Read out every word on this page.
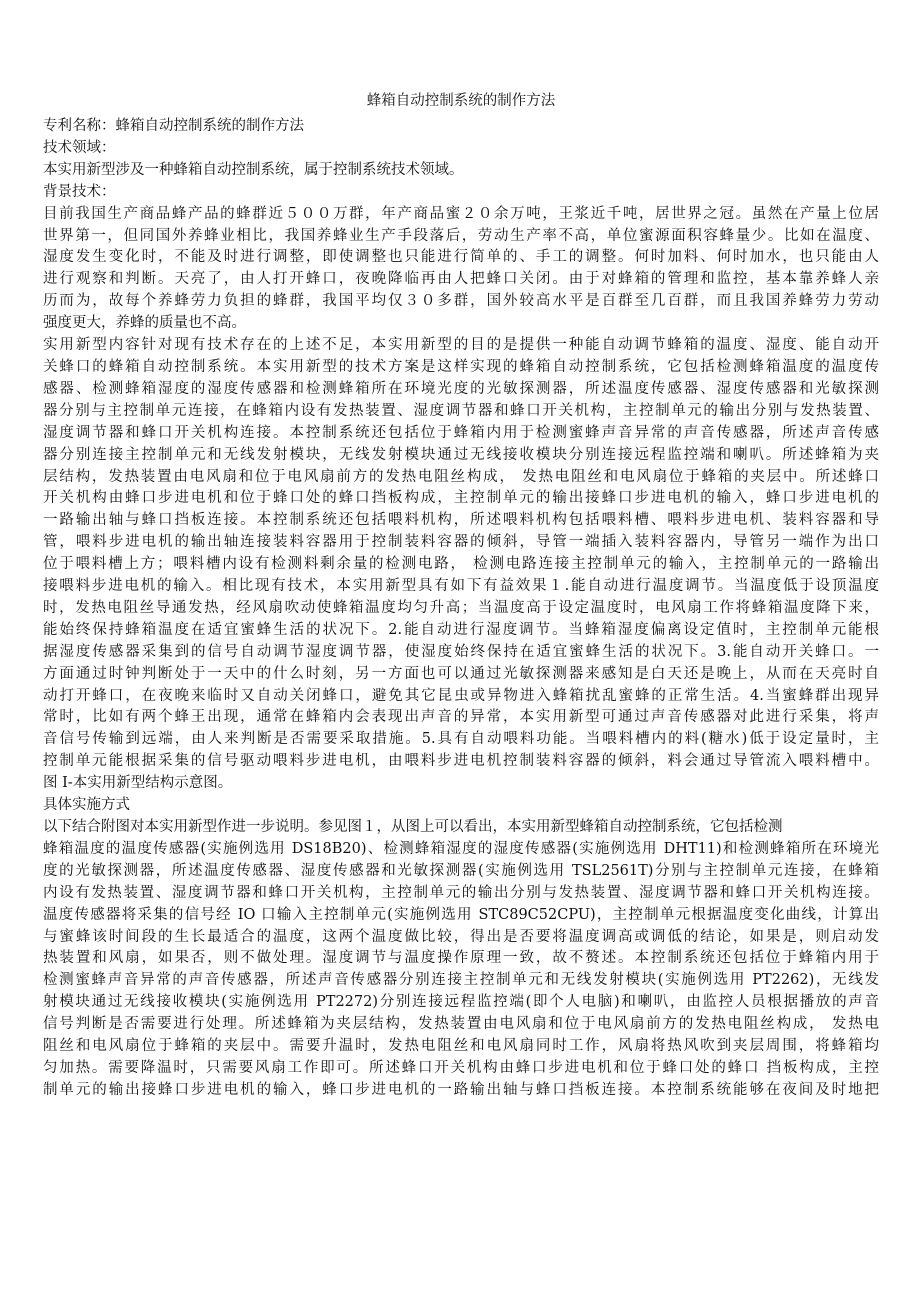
蜂箱自动控制系统的制作方法

专利名称：蜂箱自动控制系统的制作方法

技术领域：

本实用新型涉及一种蜂箱自动控制系统，属于控制系统技术领域。

背景技术：

目前我国生产商品蜂产品的蜂群近５００万群，年产商品蜜２０余万吨，王浆近千吨，居世界之冠。虽然在产量上位居

世界第一，但同国外养蜂业相比，我国养蜂业生产手段落后，劳动生产率不高，单位蜜源面积容蜂量少。比如在温度、

湿度发生变化时，不能及时进行调整，即使调整也只能进行简单的、手工的调整。何时加料、何时加水，也只能由人

进行观察和判断。天亮了，由人打开蜂口，夜晚降临再由人把蜂口关闭。由于对蜂箱的管理和监控，基本靠养蜂人亲

历而为，故每个养蜂劳力负担的蜂群，我国平均仅３０多群，国外较高水平是百群至几百群，而且我国养蜂劳力劳动

强度更大，养蜂的质量也不高。

实用新型内容针对现有技术存在的上述不足，本实用新型的目的是提供一种能自动调节蜂箱的温度、湿度、能自动开

关蜂口的蜂箱自动控制系统。本实用新型的技术方案是这样实现的蜂箱自动控制系统，它包括检测蜂箱温度的温度传

感器、检测蜂箱湿度的湿度传感器和检测蜂箱所在环境光度的光敏探测器，所述温度传感器、湿度传感器和光敏探测

器分别与主控制单元连接，在蜂箱内设有发热装置、湿度调节器和蜂口开关机构，主控制单元的输出分别与发热装置、

湿度调节器和蜂口开关机构连接。本控制系统还包括位于蜂箱内用于检测蜜蜂声音异常的声音传感器，所述声音传感

器分别连接主控制单元和无线发射模块，无线发射模块通过无线接收模块分别连接远程监控端和喇叭。所述蜂箱为夹

层结构，发热装置由电风扇和位于电风扇前方的发热电阻丝构成， 发热电阻丝和电风扇位于蜂箱的夹层中。所述蜂口

开关机构由蜂口步进电机和位于蜂口处的蜂口挡板构成，主控制单元的输出接蜂口步进电机的输入，蜂口步进电机的

一路输出轴与蜂口挡板连接。本控制系统还包括喂料机构，所述喂料机构包括喂料槽、喂料步进电机、装料容器和导

管，喂料步进电机的输出轴连接装料容器用于控制装料容器的倾斜，导管一端插入装料容器内，导管另一端作为出口

位于喂料槽上方；喂料槽内设有检测料剩余量的检测电路， 检测电路连接主控制单元的输入，主控制单元的一路输出

接喂料步进电机的输入。相比现有技术，本实用新型具有如下有益效果１.能自动进行温度调节。当温度低于设顶温度

时，发热电阻丝导通发热，经风扇吹动使蜂箱温度均匀升高；当温度高于设定温度时，电风扇工作将蜂箱温度降下来，

能始终保持蜂箱温度在适宜蜜蜂生活的状况下。2.能自动进行湿度调节。当蜂箱湿度偏离设定值时，主控制单元能根

据湿度传感器采集到的信号自动调节湿度调节器，使湿度始终保持在适宜蜜蜂生活的状况下。3.能自动开关蜂口。一

方面通过时钟判断处于一天中的什么时刻，另一方面也可以通过光敏探测器来感知是白天还是晚上，从而在天亮时自

动打开蜂口，在夜晚来临时又自动关闭蜂口，避免其它昆虫或异物进入蜂箱扰乱蜜蜂的正常生活。4.当蜜蜂群出现异

常时，比如有两个蜂王出现，通常在蜂箱内会表现出声音的异常，本实用新型可通过声音传感器对此进行采集，将声

音信号传输到远端，由人来判断是否需要采取措施。5.具有自动喂料功能。当喂料槽内的料(糖水)低于设定量时，主

控制单元能根据采集的信号驱动喂料步进电机，由喂料步进电机控制装料容器的倾斜，料会通过导管流入喂料槽中。

图 I-本实用新型结构示意图。

具体实施方式

以下结合附图对本实用新型作进一步说明。参见图１，从图上可以看出，本实用新型蜂箱自动控制系统，它包括检测

蜂箱温度的温度传感器(实施例选用 DS18B20)、检测蜂箱湿度的湿度传感器(实施例选用 DHT11)和检测蜂箱所在环境光

度的光敏探测器，所述温度传感器、湿度传感器和光敏探测器(实施例选用 TSL2561T)分别与主控制单元连接，在蜂箱

内设有发热装置、湿度调节器和蜂口开关机构，主控制单元的输出分别与发热装置、湿度调节器和蜂口开关机构连接。

温度传感器将采集的信号经 IO 口输入主控制单元(实施例选用 STC89C52CPU)，主控制单元根据温度变化曲线，计算出

与蜜蜂该时间段的生长最适合的温度，这两个温度做比较，得出是否要将温度调高或调低的结论，如果是，则启动发

热装置和风扇，如果否，则不做处理。湿度调节与温度操作原理一致，故不赘述。本控制系统还包括位于蜂箱内用于

检测蜜蜂声音异常的声音传感器，所述声音传感器分别连接主控制单元和无线发射模块(实施例选用 PT2262)，无线发

射模块通过无线接收模块(实施例选用 PT2272)分别连接远程监控端(即个人电脑)和喇叭，由监控人员根据播放的声音

信号判断是否需要进行处理。所述蜂箱为夹层结构，发热装置由电风扇和位于电风扇前方的发热电阻丝构成， 发热电

阻丝和电风扇位于蜂箱的夹层中。需要升温时，发热电阻丝和电风扇同时工作，风扇将热风吹到夹层周围，将蜂箱均

匀加热。需要降温时，只需要风扇工作即可。所述蜂口开关机构由蜂口步进电机和位于蜂口处的蜂口 挡板构成，主控

制单元的输出接蜂口步进电机的输入，蜂口步进电机的一路输出轴与蜂口挡板连接。本控制系统能够在夜间及时地把
